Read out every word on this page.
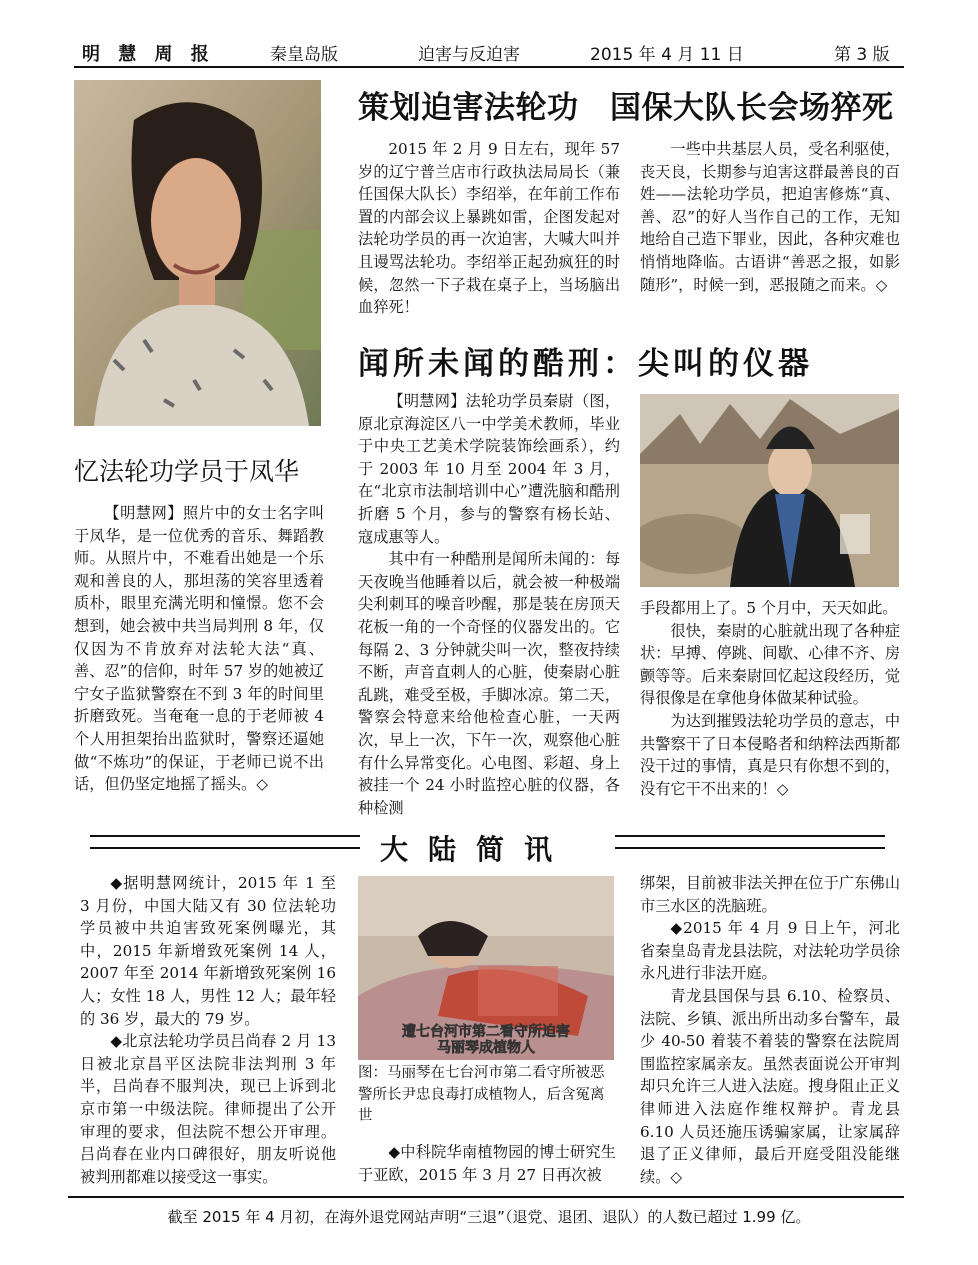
明 慧 周 报	秦皇岛版	迫害与反迫害	2015 年 4 月 11 日	第 3 版
策划迫害法轮功　国保大队长会场猝死

2015 年 2 月 9 日左右，现年 57 岁的辽宁普兰店市行政执法局局长（兼任国保大队长）李绍举，在年前工作布置的内部会议上暴跳如雷，企图发起对法轮功学员的再一次迫害，大喊大叫并且谩骂法轮功。李绍举正起劲疯狂的时候，忽然一下子栽在桌子上，当场脑出血猝死！

一些中共基层人员，受名利驱使，丧天良，长期参与迫害这群最善良的百姓——法轮功学员，把迫害修炼“真、善、忍”的好人当作自己的工作，无知地给自己造下罪业，因此，各种灾难也悄悄地降临。古语讲“善恶之报，如影随形”，时候一到，恶报随之而来。◇

忆法轮功学员于凤华

【明慧网】照片中的女士名字叫于凤华，是一位优秀的音乐、舞蹈教师。从照片中，不难看出她是一个乐观和善良的人，那坦荡的笑容里透着质朴，眼里充满光明和憧憬。您不会想到，她会被中共当局判刑 8 年，仅仅因为不肯放弃对法轮大法“真、善、忍”的信仰，时年 57 岁的她被辽宁女子监狱警察在不到 3 年的时间里折磨致死。当奄奄一息的于老师被 4 个人用担架抬出监狱时，警察还逼她做“不炼功”的保证，于老师已说不出话，但仍坚定地摇了摇头。◇

闻所未闻的酷刑：尖叫的仪器

【明慧网】法轮功学员秦尉（图，原北京海淀区八一中学美术教师，毕业于中央工艺美术学院装饰绘画系），约于 2003 年 10 月至 2004 年 3 月，在“北京市法制培训中心”遭洗脑和酷刑折磨 5 个月，参与的警察有杨长站、寇成惠等人。

其中有一种酷刑是闻所未闻的：每天夜晚当他睡着以后，就会被一种极端尖利刺耳的噪音吵醒，那是装在房顶天花板一角的一个奇怪的仪器发出的。它每隔 2、3 分钟就尖叫一次，整夜持续不断，声音直刺人的心脏，使秦尉心脏乱跳，难受至极，手脚冰凉。第二天，警察会特意来给他检查心脏，一天两次，早上一次，下午一次，观察他心脏有什么异常变化。心电图、彩超、身上被挂一个 24 小时监控心脏的仪器，各种检测

手段都用上了。5 个月中，天天如此。

很快，秦尉的心脏就出现了各种症状：早搏、停跳、间歇、心律不齐、房颤等等。后来秦尉回忆起这段经历，觉得很像是在拿他身体做某种试验。

为达到摧毁法轮功学员的意志，中共警察干了日本侵略者和纳粹法西斯都没干过的事情，真是只有你想不到的，没有它干不出来的！◇

大陆简讯

◆据明慧网统计，2015 年 1 至 3 月份，中国大陆又有 30 位法轮功学员被中共迫害致死案例曝光，其中，2015 年新增致死案例 14 人，2007 年至 2014 年新增致死案例 16 人；女性 18 人，男性 12 人；最年轻的 36 岁，最大的 79 岁。

◆北京法轮功学员吕尚春 2 月 13 日被北京昌平区法院非法判刑 3 年半，吕尚春不服判决，现已上诉到北京市第一中级法院。律师提出了公开审理的要求，但法院不想公开审理。吕尚春在业内口碑很好，朋友听说他被判刑都难以接受这一事实。

遭七台河市第二看守所迫害
马丽琴成植物人
图：马丽琴在七台河市第二看守所被恶警所长尹忠良毒打成植物人，后含冤离世

◆中科院华南植物园的博士研究生于亚欧，2015 年 3 月 27 日再次被

绑架，目前被非法关押在位于广东佛山市三水区的洗脑班。

◆2015 年 4 月 9 日上午，河北省秦皇岛青龙县法院，对法轮功学员徐永凡进行非法开庭。

青龙县国保与县 6.10、检察员、法院、乡镇、派出所出动多台警车，最少 40-50 着装不着装的警察在法院周围监控家属亲友。虽然表面说公开审判却只允许三人进入法庭。搜身阻止正义律师进入法庭作维权辩护。青龙县 6.10 人员还施压诱骗家属，让家属辞退了正义律师，最后开庭受阻没能继续。◇

截至 2015 年 4 月初，在海外退党网站声明“三退”（退党、退团、退队）的人数已超过 1.99 亿。
